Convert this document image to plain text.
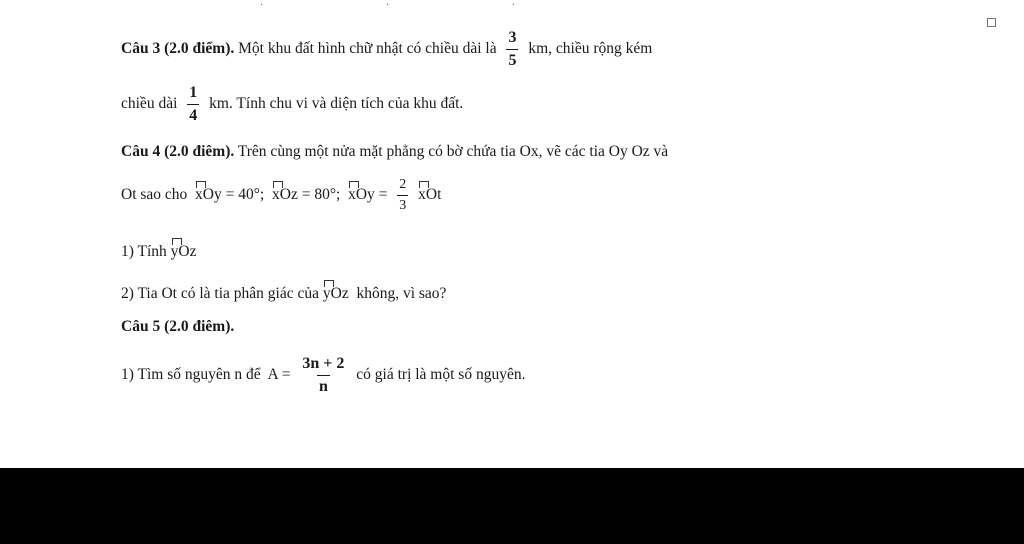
· · ·
Câu 3 (2.0 điểm). Một khu đất hình chữ nhật có chiều dài là $\frac{3}{5}$ km, chiều rộng kém
chiều dài $\frac{1}{4}$ km. Tính chu vi và diện tích của khu đất.
Câu 4 (2.0 điêm). Trên cùng một nửa mặt phẳng có bờ chứa tia Ox, vẽ các tia Oy Oz và
Ot sao cho xOy = 40°; xOz = 80°; xOy = $\frac{2}{3}$
xOt
1) Tính yOz
2) Tia Ot có là tia phân giác của yOz không, vì sao?
Câu 5 (2.0 điêm).
1) Tìm số nguyên n để $A = \frac{3n + 2}{n}$ có giá trị là một số nguyên.
